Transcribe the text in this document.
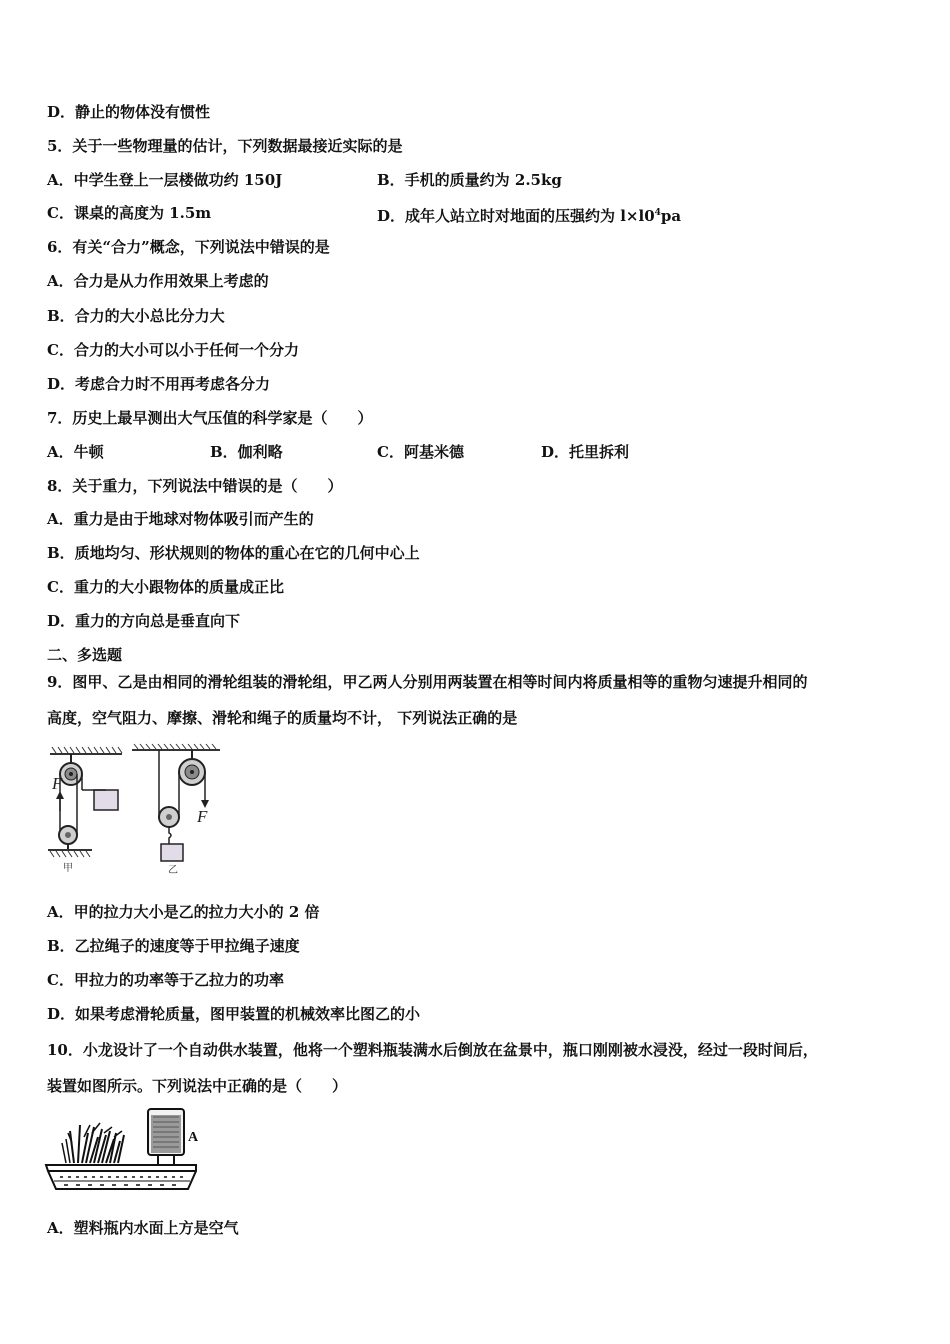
D．静止的物体没有惯性
5．关于一些物理量的估计，下列数据最接近实际的是
A．中学生登上一层楼做功约 150J	B．手机的质量约为 2.5kg
C．课桌的高度为 1.5m	D．成年人站立时对地面的压强约为 $l\times l0^4pa$
6．有关“合力”概念，下列说法中错误的是
A．合力是从力作用效果上考虑的
B．合力的大小总比分力大
C．合力的大小可以小于任何一个分力
D．考虑合力时不用再考虑各分力
7．历史上最早测出大气压值的科学家是（　　）
A．牛顿	B．伽利略	C．阿基米德	D．托里拆利
8．关于重力，下列说法中错误的是（　　）
A．重力是由于地球对物体吸引而产生的
B．质地均匀、形状规则的物体的重心在它的几何中心上
C．重力的大小跟物体的质量成正比
D．重力的方向总是垂直向下
二、多选题
9．图甲、乙是由相同的滑轮组装的滑轮组，甲乙两人分别用两装置在相等时间内将质量相等的重物匀速提升相同的
高度，空气阻力、摩擦、滑轮和绳子的质量均不计， 下列说法正确的是
F
甲
F
乙
A．甲的拉力大小是乙的拉力大小的 2 倍
B．乙拉绳子的速度等于甲拉绳子速度
C．甲拉力的功率等于乙拉力的功率
D．如果考虑滑轮质量，图甲装置的机械效率比图乙的小
10．小龙设计了一个自动供水装置，他将一个塑料瓶装满水后倒放在盆景中，瓶口刚刚被水浸没，经过一段时间后，
装置如图所示。下列说法中正确的是（　　）
A
A．塑料瓶内水面上方是空气
